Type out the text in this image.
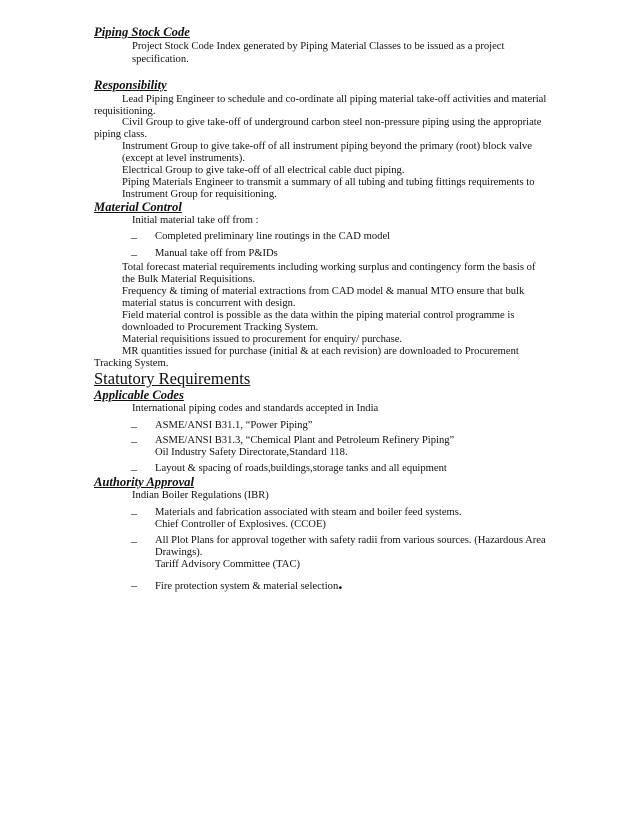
Piping Stock Code
Project Stock Code Index generated by Piping Material Classes to be issued as a project
specification.
Responsibility
Lead Piping Engineer to schedule and co-ordinate all piping material take-off activities and material
requisitioning.
Civil Group to give take-off of underground carbon steel non-pressure piping using the appropriate
piping class.
Instrument Group to give take-off of all instrument piping beyond the primary (root) block valve
(except at level instruments).
Electrical Group to give take-off of all electrical cable duct piping.
Piping Materials Engineer to transmit a summary of all tubing and tubing fittings requirements to
Instrument Group for requisitioning.
Material Control
Initial material take off from :
– Completed preliminary line routings in the CAD model
– Manual take off from P&IDs
Total forecast material requirements including working surplus and contingency form the basis of
the Bulk Material Requisitions.
Frequency & timing of material extractions from CAD model & manual MTO ensure that bulk
material status is concurrent with design.
Field material control is possible as the data within the piping material control programme is
downloaded to Procurement Tracking System.
Material requisitions issued to procurement for enquiry/ purchase.
MR quantities issued for purchase (initial & at each revision) are downloaded to Procurement
Tracking System.
Statutory Requirements
Applicable Codes
International piping codes and standards accepted in India
– ASME/ANSI B31.1, “Power Piping”
– ASME/ANSI B31.3, “Chemical Plant and Petroleum Refinery Piping”
Oil Industry Safety Directorate,Standard 118.
– Layout & spacing of roads,buildings,storage tanks and all equipment
Authority Approval
Indian Boiler Regulations (IBR)
– Materials and fabrication associated with steam and boiler feed systems.
Chief Controller of Explosives. (CCOE)
– All Plot Plans for approval together with safety radii from various sources. (Hazardous Area
Drawings).
Tariff Advisory Committee (TAC)
– Fire protection system & material selection.
